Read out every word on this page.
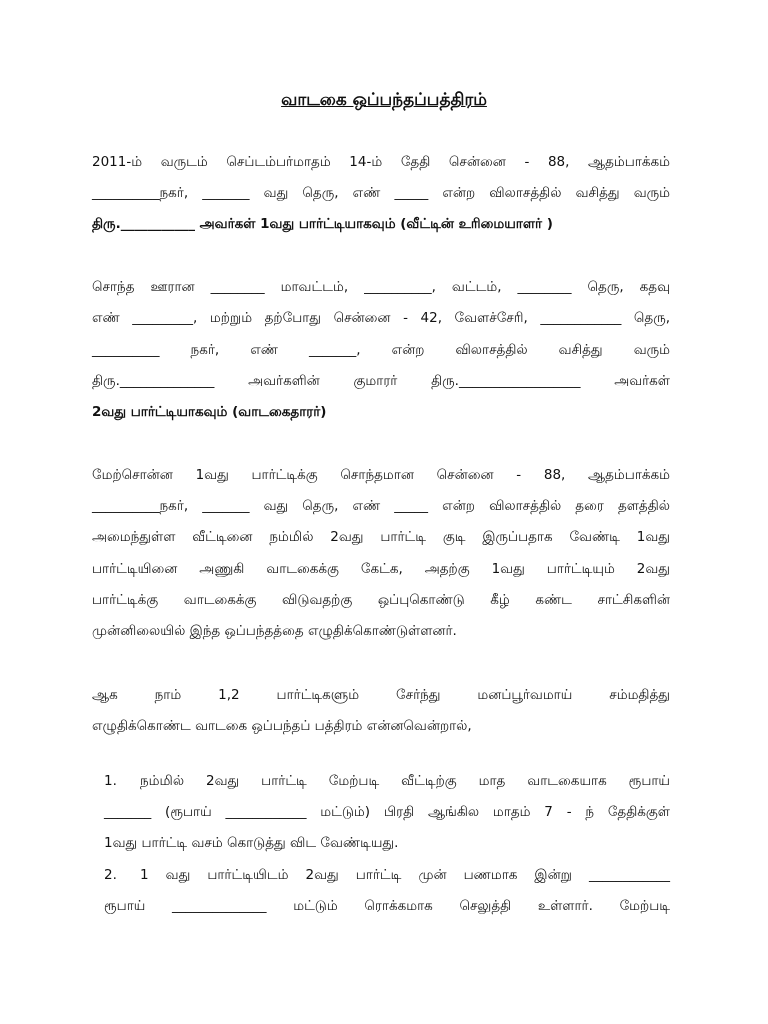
வாடகை ஒப்பந்தப்பத்திரம்
2011-ம் வருடம் செப்டம்பர்மாதம் 14-ம் தேதி சென்னை - 88, ஆதம்பாக்கம்
__________நகர், _______ வது தெரு, எண் _____ என்ற விலாசத்தில் வசித்து வரும்
திரு.___________ அவர்கள் 1வது பார்ட்டியாகவும் (வீட்டின் உரிமையாளர் )
சொந்த ஊரான ________ மாவட்டம், __________, வட்டம், ________ தெரு, கதவு
எண் _________, மற்றும் தற்போது சென்னை - 42, வேளச்சேரி, ____________ தெரு,
__________ நகர், எண் _______, என்ற விலாசத்தில் வசித்து வரும்
திரு.______________ அவர்களின் குமாரர் திரு.__________________ அவர்கள்
2வது பார்ட்டியாகவும் (வாடகைதாரர்)
மேற்சொன்ன 1வது பார்ட்டிக்கு சொந்தமான சென்னை - 88, ஆதம்பாக்கம்
__________நகர், _______ வது தெரு, எண் _____ என்ற விலாசத்தில் தரை தளத்தில்
அமைந்துள்ள வீட்டினை நம்மில் 2வது பார்ட்டி குடி இருப்பதாக வேண்டி 1வது
பார்ட்டியினை அணுகி வாடகைக்கு கேட்க, அதற்கு 1வது பார்ட்டியும் 2வது
பார்ட்டிக்கு வாடகைக்கு விடுவதற்கு ஒப்புகொண்டு கீழ் கண்ட சாட்சிகளின்
முன்னிலையில் இந்த ஒப்பந்தத்தை எழுதிக்கொண்டுள்ளனர்.
ஆக நாம் 1,2 பார்ட்டிகளும் சேர்ந்து மனப்பூர்வமாய் சம்மதித்து
எழுதிக்கொண்ட வாடகை ஒப்பந்தப் பத்திரம் என்னவென்றால்,
1. நம்மில் 2வது பார்ட்டி மேற்படி வீட்டிற்கு மாத வாடகையாக ரூபாய்
_______ (ரூபாய் ____________ மட்டும்) பிரதி ஆங்கில மாதம் 7 - ந் தேதிக்குள்
1வது பார்ட்டி வசம் கொடுத்து விட வேண்டியது.
2. 1 வது பார்ட்டியிடம் 2வது பார்ட்டி முன் பணமாக இன்று ____________
ரூபாய் ______________ மட்டும் ரொக்கமாக செலுத்தி உள்ளார். மேற்படி
